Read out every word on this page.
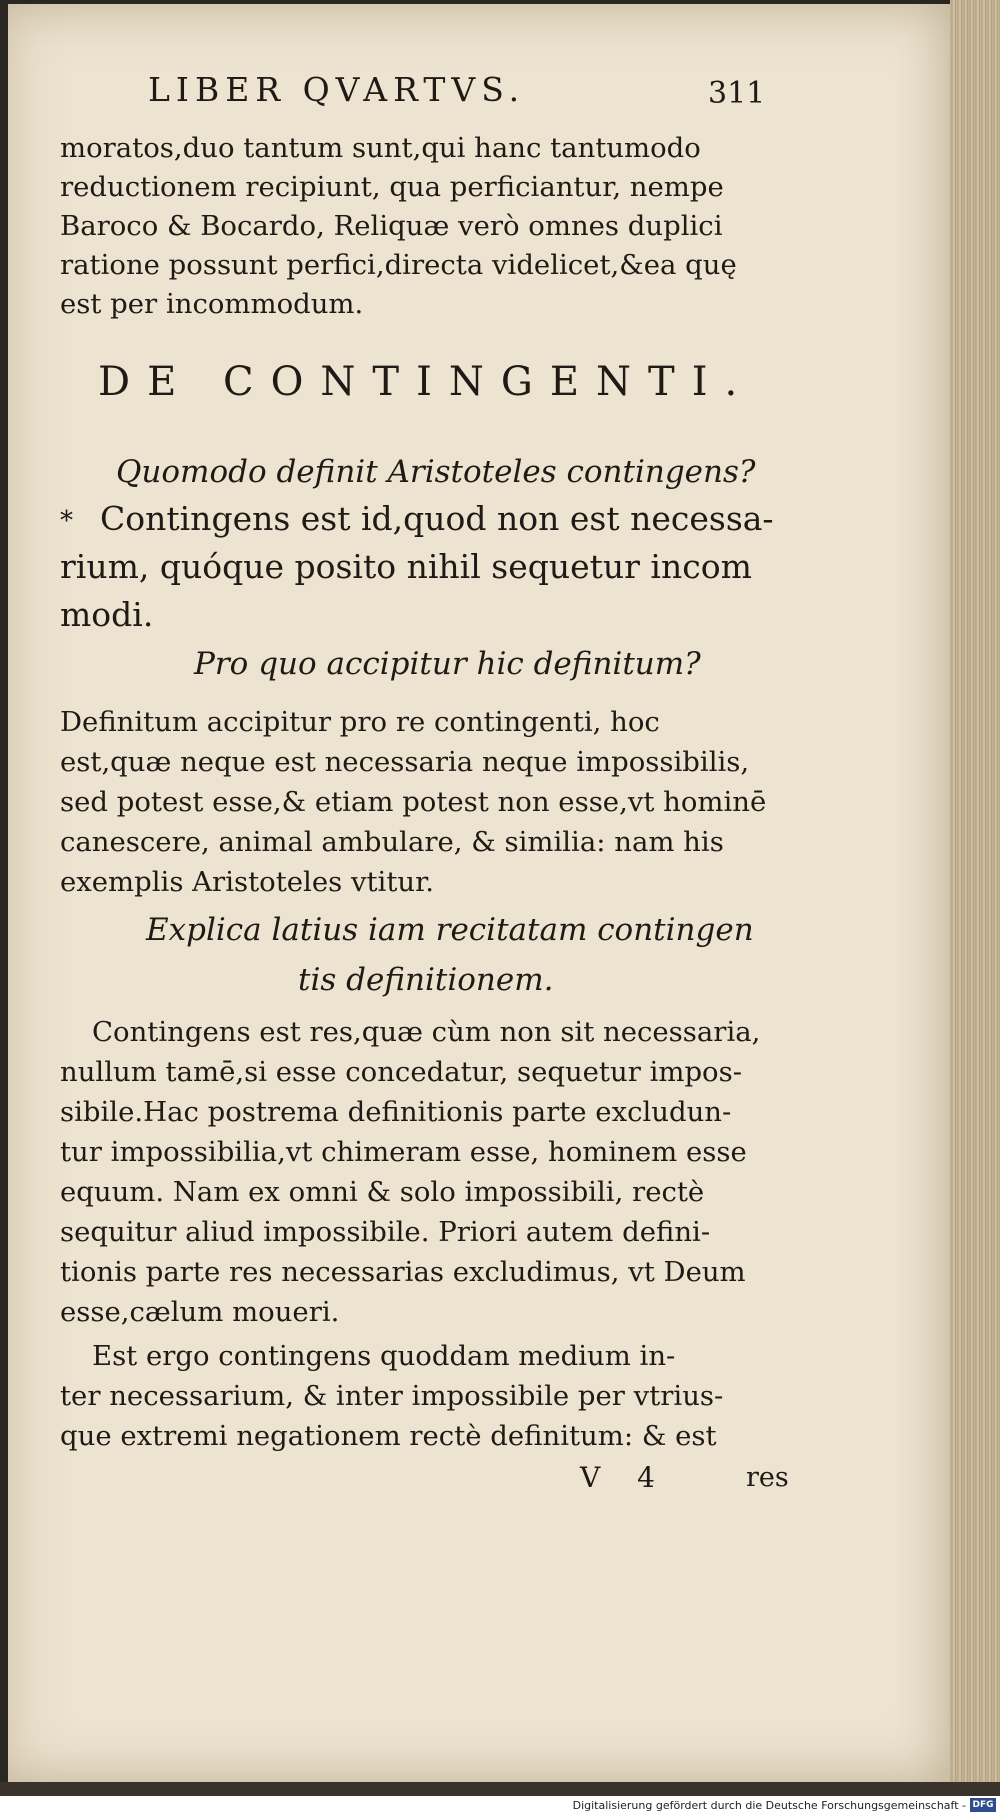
LIBER QVARTVS.	311
moratos,duo tantum sunt,qui hanc tantumodo
reductionem recipiunt, qua perficiantur, nempe
Baroco & Bocardo, Reliquæ verò omnes duplici
ratione possunt perfici,directa videlicet,&ea quę
est per incommodum.
DE CONTINGENTI.
Quomodo definit Aristoteles contingens?
* Contingens est id,quod non est necessa-
rium, quóque posito nihil sequetur incom
modi.
Pro quo accipitur hic definitum?
Definitum accipitur pro re contingenti, hoc
est,quæ neque est necessaria neque impossibilis,
sed potest esse,& etiam potest non esse,vt hominē
canescere, animal ambulare, & similia: nam his
exemplis Aristoteles vtitur.
Explica latius iam recitatam contingen
tis definitionem.
Contingens est res,quæ cùm non sit necessaria,
nullum tamē,si esse concedatur, sequetur impos-
sibile.Hac postrema definitionis parte excludun-
tur impossibilia,vt chimeram esse, hominem esse
equum. Nam ex omni & solo impossibili, rectè
sequitur aliud impossibile. Priori autem defini-
tionis parte res necessarias excludimus, vt Deum
esse,cælum moueri.
Est ergo contingens quoddam medium in-
ter necessarium, & inter impossibile per vtrius-
que extremi negationem rectè definitum: & est
V 4	res
Digitalisierung gefördert durch die Deutsche Forschungsgemeinschaft - DFG
